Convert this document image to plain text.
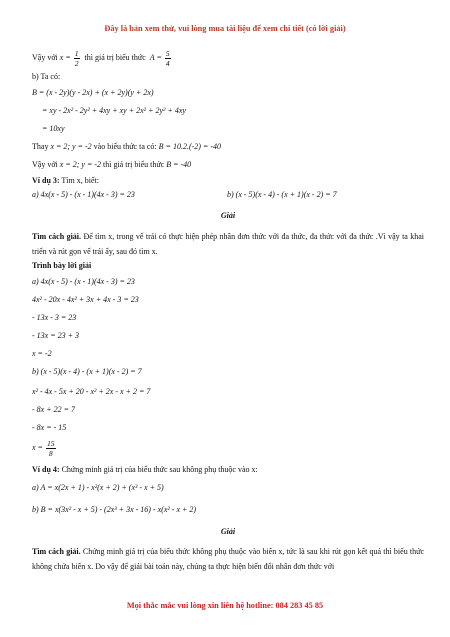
Đây là bản xem thử, vui lòng mua tài liệu để xem chi tiết (có lời giải)
Vậy với $x = \frac{1}{2}$ thì giá trị biểu thức $A = \frac{5}{4}$
b) Ta có:
B = (x - 2y)(y - 2x) + (x + 2y)(y + 2x)
= xy - 2x² - 2y² + 4xy + xy + 2x² + 2y² + 4xy
= 10xy
Thay x = 2; y = -2 vào biểu thức ta có: B = 10.2.(-2) = -40
Vậy với x = 2; y = -2 thì giá trị biểu thức B = -40
Ví dụ 3: Tìm x, biết:
a) 4x(x - 5) - (x - 1)(4x - 3) = 23	b) (x - 5)(x - 4) - (x + 1)(x - 2) = 7
Giải
Tìm cách giải. Để tìm x, trong vế trái có thực hiện phép nhân đơn thức với đa thức, đa thức với đa thức .Vì vậy ta khai triển và rút gọn vế trái ấy, sau đó tìm x.
Trình bày lời giải
a) 4x(x - 5) - (x - 1)(4x - 3) = 23
4x² - 20x - 4x² + 3x + 4x - 3 = 23
- 13x - 3 = 23
- 13x = 23 + 3
x = -2
b) (x - 5)(x - 4) - (x + 1)(x - 2) = 7
x² - 4x - 5x + 20 - x² + 2x - x + 2 = 7
- 8x + 22 = 7
- 8x = - 15
$x = \frac{15}{8}$
Ví dụ 4: Chứng minh giá trị của biểu thức sau không phụ thuộc vào x:
a) A = x(2x + 1) - x²(x + 2) + (x³ - x + 5)
b) B = x(3x² - x + 5) - (2x³ + 3x - 16) - x(x² - x + 2)
Giải
Tìm cách giải. Chứng minh giá trị của biểu thức không phụ thuộc vào biến x, tức là sau khi rút gọn kết quả thì biểu thức không chứa biến x. Do vậy để giải bài toán này, chúng ta thực hiện biến đổi nhân đơn thức với
Mọi thắc mắc vui lòng xin liên hệ hotline: 084 283 45 85
